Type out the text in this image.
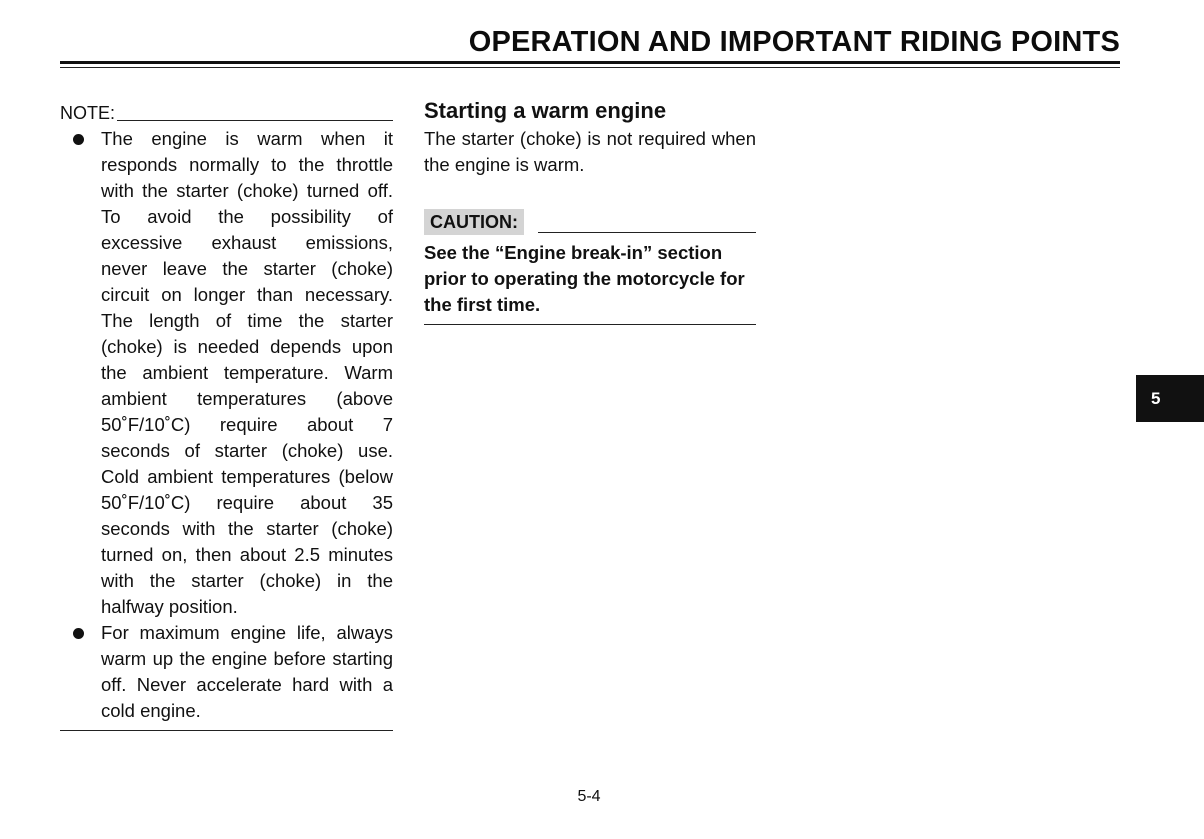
OPERATION AND IMPORTANT RIDING POINTS
NOTE:
The engine is warm when it responds normally to the throttle with the starter (choke) turned off. To avoid the possibility of excessive exhaust emissions, never leave the starter (choke) circuit on longer than necessary. The length of time the starter (choke) is needed depends upon the ambient temperature. Warm ambient temperatures (above 50˚F/10˚C) require about 7 seconds of starter (choke) use. Cold ambient temperatures (below 50˚F/10˚C) require about 35 seconds with the starter (choke) turned on, then about 2.5 minutes with the starter (choke) in the halfway position.
For maximum engine life, always warm up the engine before starting off. Never accelerate hard with a cold engine.
Starting a warm engine

The starter (choke) is not required when the engine is warm.

CAUTION:

See the “Engine break-in” section prior to operating the motorcycle for the first time.

5
5-4
